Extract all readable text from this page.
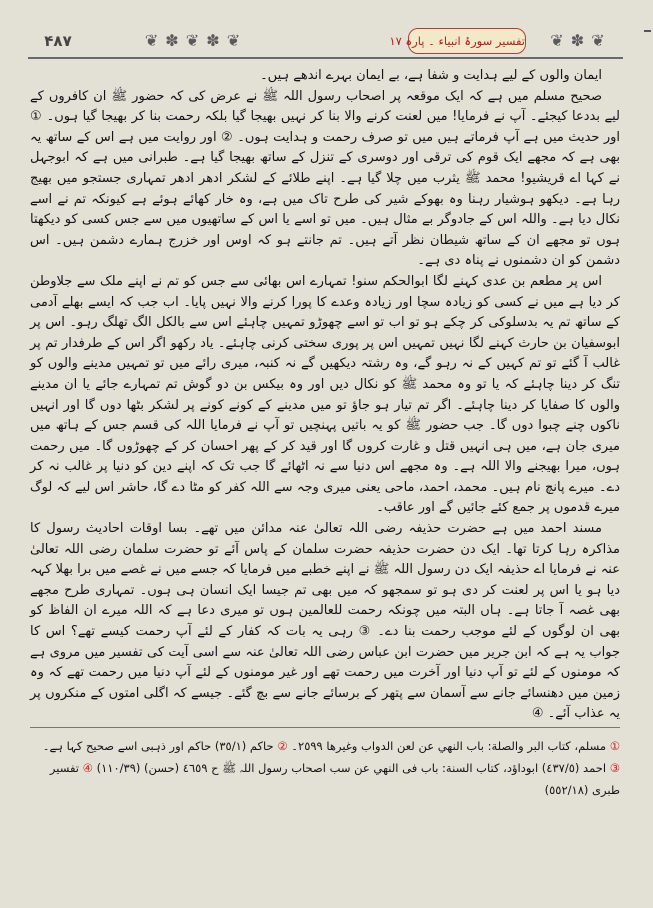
۴۸۷	❦ ✽ ❦ ✽ ❦	تفسیر سورۂ انبیاء ۔ پارہ ۱۷	❦ ✽ ❦

ایمان والوں کے لیے ہدایت و شفا ہے، بے ایمان بہرے اندھے ہیں۔

صحیح مسلم میں ہے کہ ایک موقعہ پر اصحاب رسول اللہ ﷺ نے عرض کی کہ حضور ﷺ ان کافروں کے لیے بددعا کیجئے۔ آپ نے فرمایا! میں لعنت کرنے والا بنا کر نہیں بھیجا گیا بلکہ رحمت بنا کر بھیجا گیا ہوں۔ ① اور حدیث میں ہے آپ فرماتے ہیں میں تو صرف رحمت و ہدایت ہوں۔ ② اور روایت میں ہے اس کے ساتھ یہ بھی ہے کہ مجھے ایک قوم کی ترقی اور دوسری کے تنزل کے ساتھ بھیجا گیا ہے۔ طبرانی میں ہے کہ ابوجہل نے کہا اے قریشیو! محمد ﷺ یثرب میں چلا گیا ہے۔ اپنے طلائے کے لشکر ادھر ادھر تمہاری جستجو میں بھیج رہا ہے۔ دیکھو ہوشیار رہنا وہ بھوکے شیر کی طرح تاک میں ہے، وہ خار کھائے ہوئے ہے کیونکہ تم نے اسے نکال دیا ہے۔ واللہ اس کے جادوگر بے مثال ہیں۔ میں تو اسے یا اس کے ساتھیوں میں سے جس کسی کو دیکھتا ہوں تو مجھے ان کے ساتھ شیطان نظر آتے ہیں۔ تم جانتے ہو کہ اوس اور خزرج ہمارے دشمن ہیں۔ اس دشمن کو ان دشمنوں نے پناہ دی ہے۔

اس پر مطعم بن عدی کہنے لگا ابوالحکم سنو! تمہارے اس بھائی سے جس کو تم نے اپنے ملک سے جلاوطن کر دیا ہے میں نے کسی کو زیادہ سچا اور زیادہ وعدے کا پورا کرنے والا نہیں پایا۔ اب جب کہ ایسے بھلے آدمی کے ساتھ تم یہ بدسلوکی کر چکے ہو تو اب تو اسے چھوڑو تمہیں چاہئے اس سے بالکل الگ تھلگ رہو۔ اس پر ابوسفیان بن حارث کہنے لگا نہیں تمہیں اس پر پوری سختی کرنی چاہئے۔ یاد رکھو اگر اس کے طرفدار تم پر غالب آ گئے تو تم کہیں کے نہ رہو گے، وہ رشتہ دیکھیں گے نہ کنبہ، میری رائے میں تو تمہیں مدینے والوں کو تنگ کر دینا چاہئے کہ یا تو وہ محمد ﷺ کو نکال دیں اور وہ بیکس بن دو گوش تم تمہارے جائے یا ان مدینے والوں کا صفایا کر دینا چاہئے۔ اگر تم تیار ہو جاؤ تو میں مدینے کے کونے کونے پر لشکر بٹھا دوں گا اور انہیں ناکوں چنے چبوا دوں گا۔ جب حضور ﷺ کو یہ باتیں پہنچیں تو آپ نے فرمایا اللہ کی قسم جس کے ہاتھ میں میری جان ہے، میں ہی انہیں قتل و غارت کروں گا اور قید کر کے پھر احسان کر کے چھوڑوں گا۔ میں رحمت ہوں، میرا بھیجنے والا اللہ ہے۔ وہ مجھے اس دنیا سے نہ اٹھائے گا جب تک کہ اپنے دین کو دنیا پر غالب نہ کر دے۔ میرے پانچ نام ہیں۔ محمد، احمد، ماحی یعنی میری وجہ سے اللہ کفر کو مٹا دے گا، حاشر اس لیے کہ لوگ میرے قدموں پر جمع کئے جائیں گے اور عاقب۔

مسند احمد میں ہے حضرت حذیفہ رضی اللہ تعالیٰ عنہ مدائن میں تھے۔ بسا اوقات احادیث رسول کا مذاکرہ رہا کرتا تھا۔ ایک دن حضرت حذیفہ حضرت سلمان کے پاس آئے تو حضرت سلمان رضی اللہ تعالیٰ عنہ نے فرمایا اے حذیفہ ایک دن رسول اللہ ﷺ نے اپنے خطبے میں فرمایا کہ جسے میں نے غصے میں برا بھلا کہہ دیا ہو یا اس پر لعنت کر دی ہو تو سمجھو کہ میں بھی تم جیسا ایک انسان ہی ہوں۔ تمہاری طرح مجھے بھی غصہ آ جاتا ہے۔ ہاں البتہ میں چونکہ رحمت للعالمین ہوں تو میری دعا ہے کہ اللہ میرے ان الفاظ کو بھی ان لوگوں کے لئے موجب رحمت بنا دے۔ ③ رہی یہ بات کہ کفار کے لئے آپ رحمت کیسے تھے؟ اس کا جواب یہ ہے کہ ابن جریر میں حضرت ابن عباس رضی اللہ تعالیٰ عنہ سے اسی آیت کی تفسیر میں مروی ہے کہ مومنوں کے لئے تو آپ دنیا اور آخرت میں رحمت تھے اور غیر مومنوں کے لئے آپ دنیا میں رحمت تھے کہ وہ زمین میں دھنسائے جانے سے آسمان سے پتھر کے برسائے جانے سے بچ گئے۔ جیسے کہ اگلی امتوں کے منکروں پر یہ عذاب آئے۔ ④

① مسلم، کتاب البر والصلة: باب النهي عن لعن الدواب وغیرها ٢٥٩٩۔ ② حاکم (٣٥/١) حاکم اور ذہبی اسے صحیح کہا ہے۔

③ احمد (٤٣٧/٥) ابوداؤد، کتاب السنة: باب فی النهي عن سب اصحاب رسول اللہ ﷺ ح ٤٦٥٩ (حسن) (١١٠/٣٩) ④ تفسیر طبری (٥٥٢/١٨)
